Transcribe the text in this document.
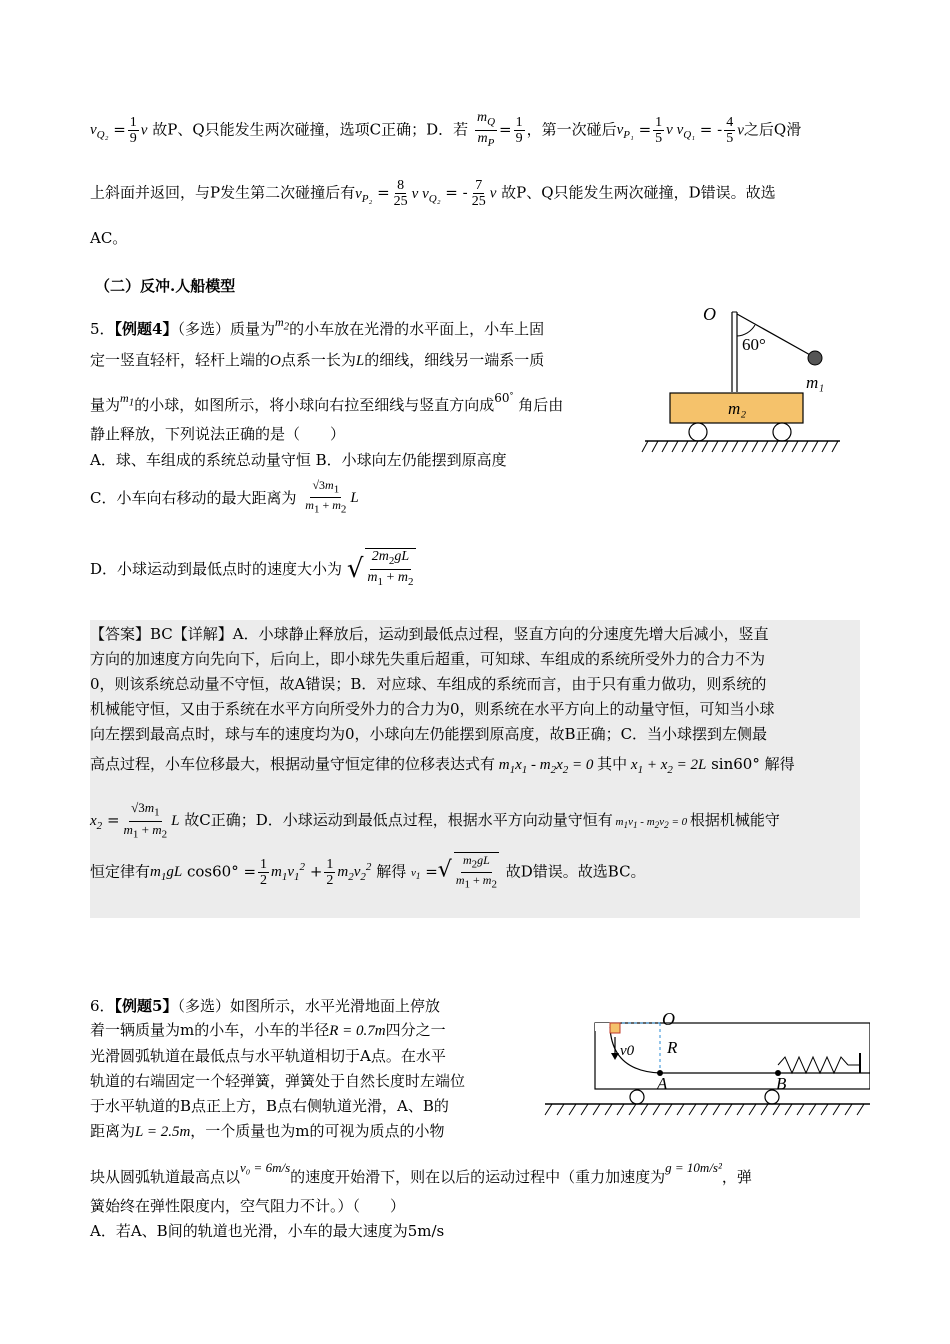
$v_{Q_2} = \frac{1}{9}$ v 故P、Q只能发生两次碰撞，选项C正确；D．若 $\frac{m_Q}{m_P} = \frac{1}{9}$ ，第一次碰后$v_{P_1} = \frac{1}{5}$ v $v_{Q_1}$ = - $\frac{4}{5}$ v之后Q滑
上斜面并返回，与P发生第二次碰撞后有$v_{P_2} = \frac{8}{25}$ v $v_{Q_2}$ = - $\frac{7}{25}$ v 故P、Q只能发生两次碰撞，D错误。故选
AC。
（二）反冲.人船模型
5．【例题4】（多选）质量为$^{m_2}$的小车放在光滑的水平面上，小车上固
定一竖直轻杆，轻杆上端的O点系一长为L的细线，细线另一端系一质
量为$^{m_1}$的小球，如图所示，将小球向右拉至细线与竖直方向成$^{60^\circ}$ 角后由
静止释放，下列说法正确的是（　　）
A．球、车组成的系统总动量守恒 B．小球向左仍能摆到原高度
C．小车向右移动的最大距离为 $\frac{√3m_1}{m_1 + m_2}$ L
D．小球运动到最低点时的速度大小为 √ $\frac{2m_2gL}{m_1 + m_2}$
O
60°
m₁
m₂
【答案】BC【详解】A．小球静止释放后，运动到最低点过程，竖直方向的分速度先增大后减小，竖直
方向的加速度方向先向下，后向上，即小球先失重后超重，可知球、车组成的系统所受外力的合力不为
0，则该系统总动量不守恒，故A错误；B．对应球、车组成的系统而言，由于只有重力做功，则系统的
机械能守恒，又由于系统在水平方向所受外力的合力为0，则系统在水平方向上的动量守恒，可知当小球
向左摆到最高点时，球与车的速度均为0，小球向左仍能摆到原高度，故B正确；C．当小球摆到左侧最
高点过程，小车位移最大，根据动量守恒定律的位移表达式有 $m_1x_1 - m_2x_2 = 0$ 其中 $x_1 + x_2 = 2L$ sin60° 解得
$x_2 = \frac{√3m_1}{m_1 + m_2}$ L 故C正确；D．小球运动到最低点过程，根据水平方向动量守恒有 $m_1v_1 - m_2v_2 = 0$ 根据机械能守
恒定律有$m_1gL$ $\cos 60^\circ = \frac{1}{2} m_1v_1^2 + \frac{1}{2} m_2v_2^2$ 解得 $v_1$ =√ $\frac{m_2gL}{m_1 + m_2}$ 故D错误。故选BC。
6．【例题5】（多选）如图所示，水平光滑地面上停放
着一辆质量为m的小车，小车的半径R = 0.7m四分之一
光滑圆弧轨道在最低点与水平轨道相切于A点。在水平
轨道的右端固定一个轻弹簧，弹簧处于自然长度时左端位
于水平轨道的B点正上方，B点右侧轨道光滑，A、B的
距离为L = 2.5m，一个质量也为m的可视为质点的小物
块从圆弧轨道最高点以v₀ = 6m/s的速度开始滑下，则在以后的运动过程中（重力加速度为g = 10m/s²，弹
簧始终在弹性限度内，空气阻力不计。）（　　）
A．若A、B间的轨道也光滑，小车的最大速度为5m/s
O
R
v0
A	B
